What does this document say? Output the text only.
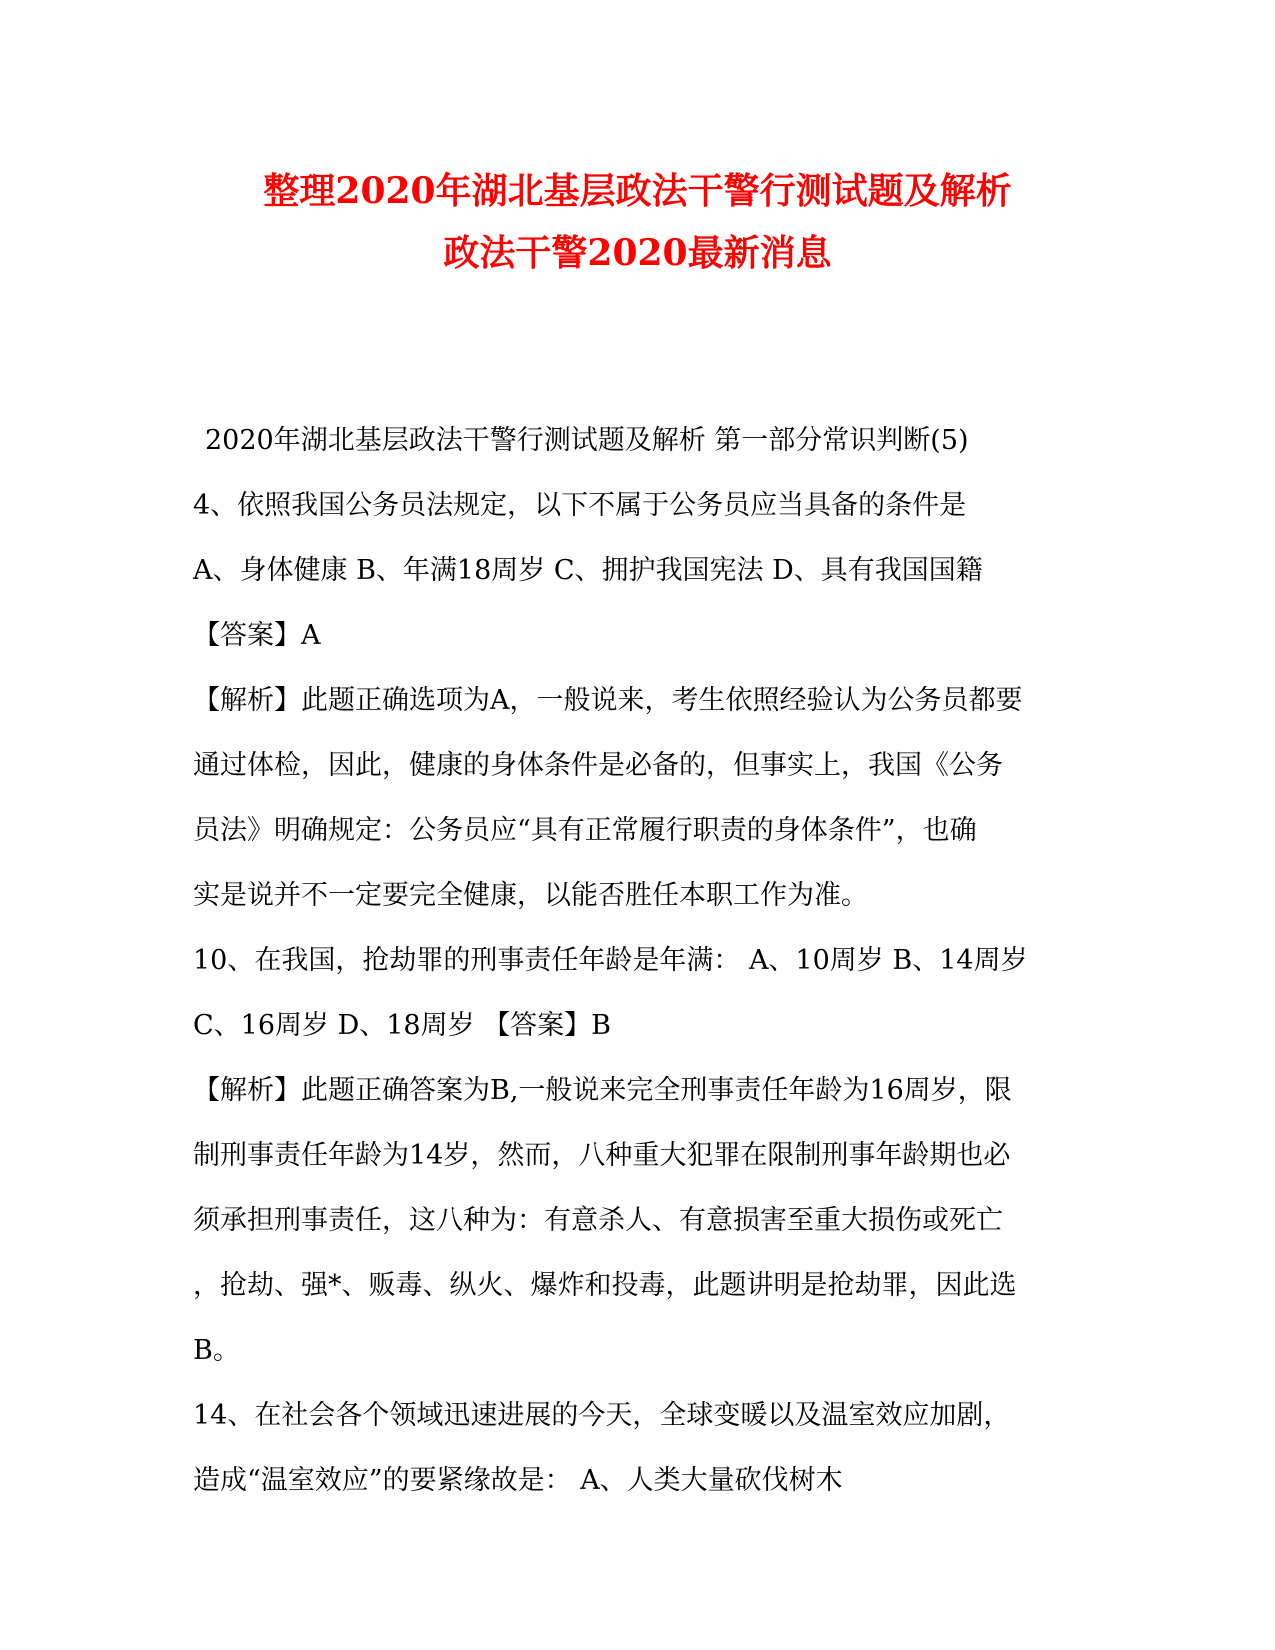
整理2020年湖北基层政法干警行测试题及解析
政法干警2020最新消息
2020年湖北基层政法干警行测试题及解析 第一部分常识判断(5)
4、依照我国公务员法规定，以下不属于公务员应当具备的条件是
A、身体健康 B、年满18周岁 C、拥护我国宪法 D、具有我国国籍
【答案】A
【解析】此题正确选项为A，一般说来，考生依照经验认为公务员都要
通过体检，因此，健康的身体条件是必备的，但事实上，我国《公务
员法》明确规定：公务员应“具有正常履行职责的身体条件”，也确
实是说并不一定要完全健康，以能否胜任本职工作为准。
10、在我国，抢劫罪的刑事责任年龄是年满： A、10周岁 B、14周岁
C、16周岁 D、18周岁 【答案】B
【解析】此题正确答案为B,一般说来完全刑事责任年龄为16周岁，限
制刑事责任年龄为14岁，然而，八种重大犯罪在限制刑事年龄期也必
须承担刑事责任，这八种为：有意杀人、有意损害至重大损伤或死亡
，抢劫、强*、贩毒、纵火、爆炸和投毒，此题讲明是抢劫罪，因此选
B。
14、在社会各个领域迅速进展的今天，全球变暖以及温室效应加剧，
造成“温室效应”的要紧缘故是： A、人类大量砍伐树木
